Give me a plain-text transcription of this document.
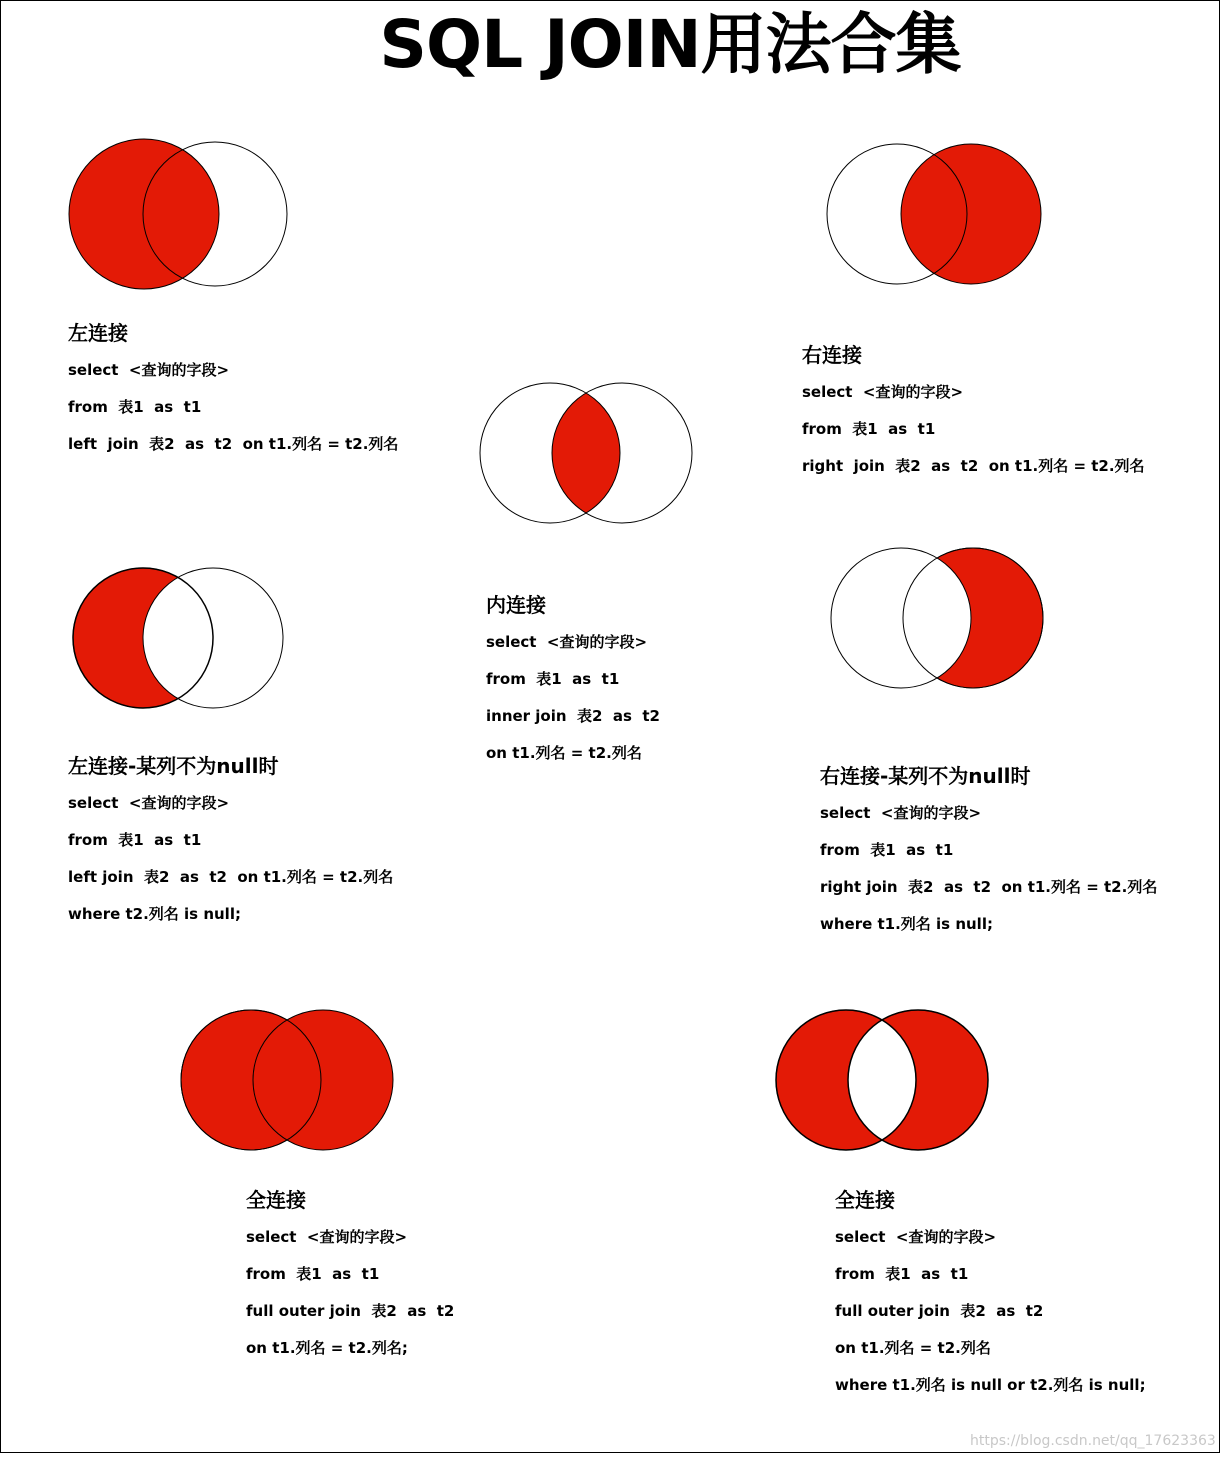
SQL JOIN用法合集
左连接
select  <查询的字段>
from  表1  as  t1
left  join  表2  as  t2  on t1.列名 = t2.列名
右连接
select  <查询的字段>
from  表1  as  t1
right  join  表2  as  t2  on t1.列名 = t2.列名
内连接
select  <查询的字段>
from  表1  as  t1
inner join  表2  as  t2
on t1.列名 = t2.列名
左连接-某列不为null时
select  <查询的字段>
from  表1  as  t1
left join  表2  as  t2  on t1.列名 = t2.列名
where t2.列名 is null;
右连接-某列不为null时
select  <查询的字段>
from  表1  as  t1
right join  表2  as  t2  on t1.列名 = t2.列名
where t1.列名 is null;
全连接
select  <查询的字段>
from  表1  as  t1
full outer join  表2  as  t2
on t1.列名 = t2.列名;
全连接
select  <查询的字段>
from  表1  as  t1
full outer join  表2  as  t2
on t1.列名 = t2.列名
where t1.列名 is null or t2.列名 is null;
https://blog.csdn.net/qq_17623363
